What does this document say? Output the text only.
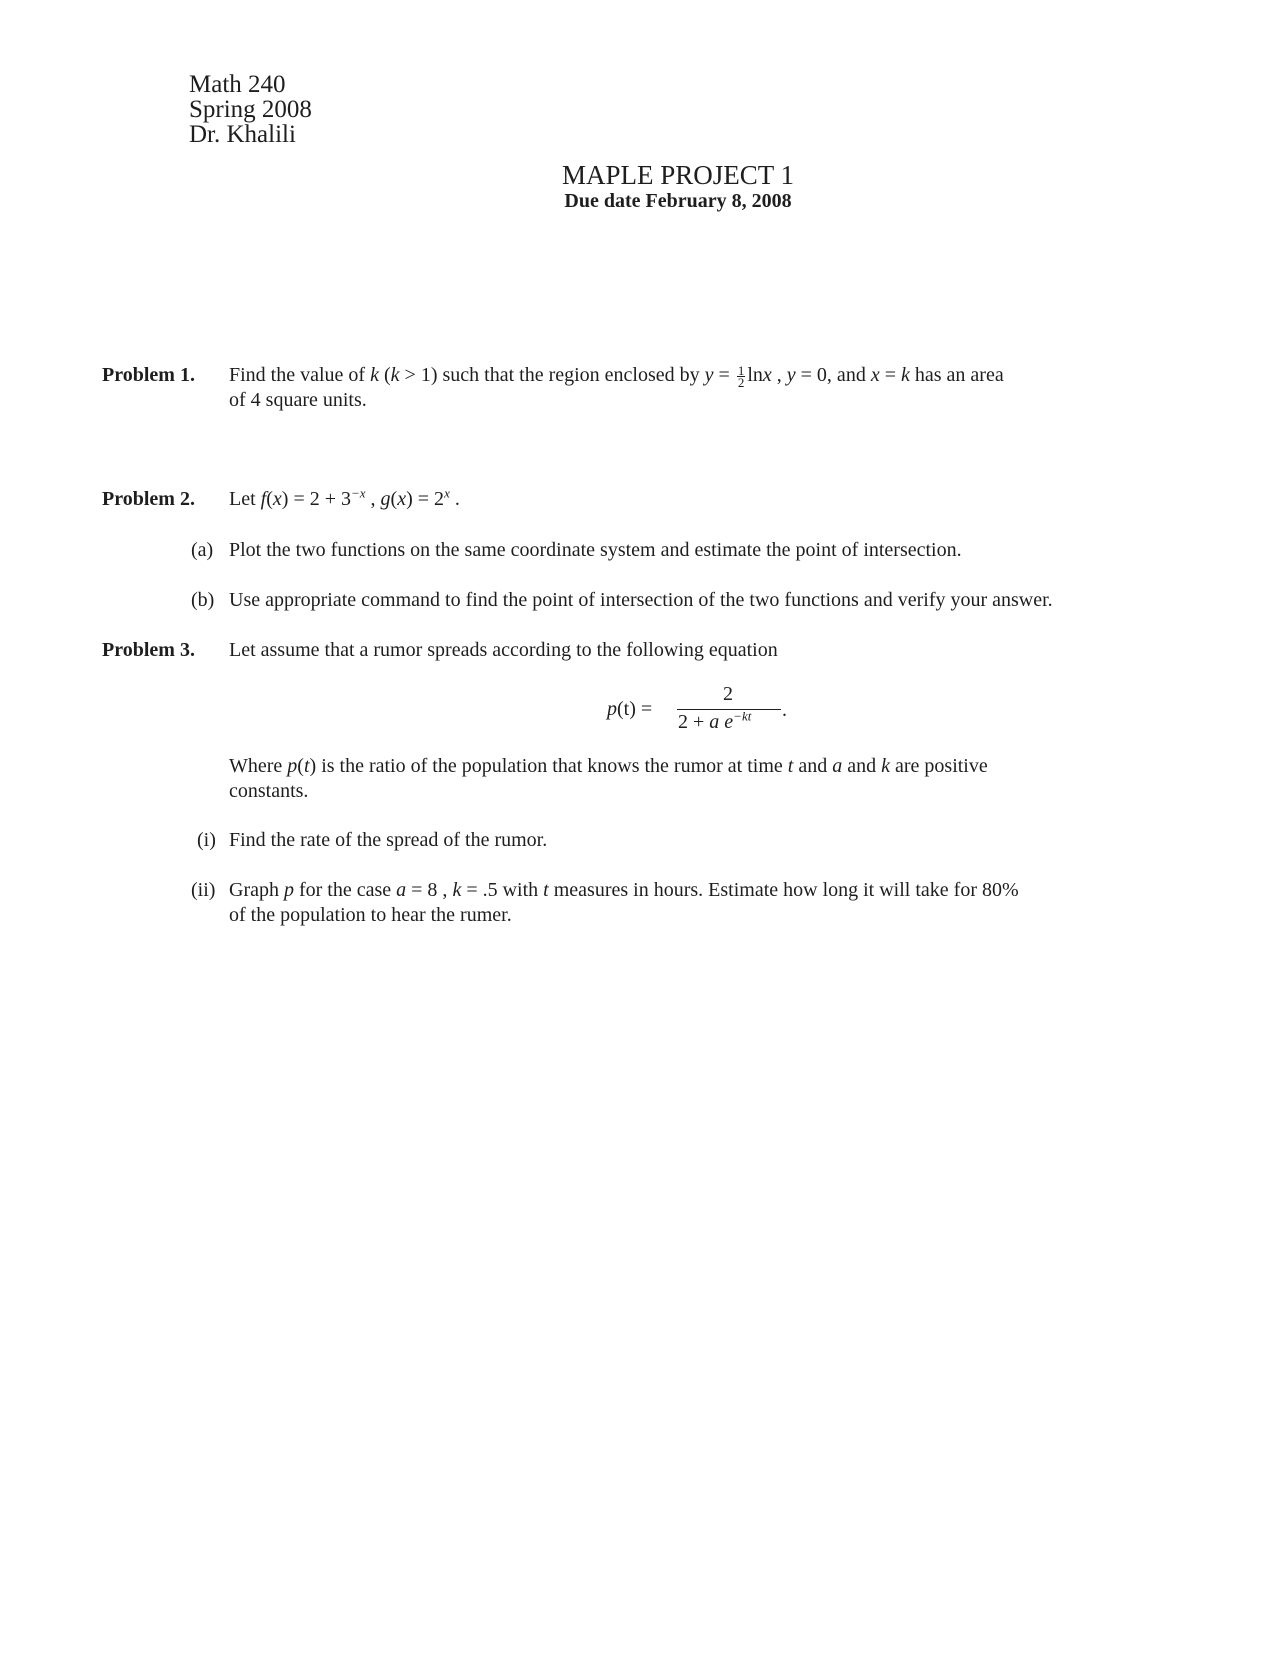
Math 240
Spring 2008
Dr. Khalili
MAPLE PROJECT 1
Due date February 8, 2008
Problem 1. Find the value of k (k > 1) such that the region enclosed by $y = \frac{1}{2}$ lnx , y = 0, and x = k has an area
of 4 square units.
Problem 2. Let $f(x) = 2 + 3^{-x}$ , $g(x) = 2^x$ .
(a) Plot the two functions on the same coordinate system and estimate the point of intersection.
(b) Use appropriate command to find the point of intersection of the two functions and verify your answer.
Problem 3. Let assume that a rumor spreads according to the following equation
p(t) =
2
2 + a $e^{-kt}$ .
Where p(t) is the ratio of the population that knows the rumor at time t and a and k are positive
constants.
(i) Find the rate of the spread of the rumor.
(ii) Graph p for the case a = 8 , k = .5 with t measures in hours. Estimate how long it will take for 80%
of the population to hear the rumer.
